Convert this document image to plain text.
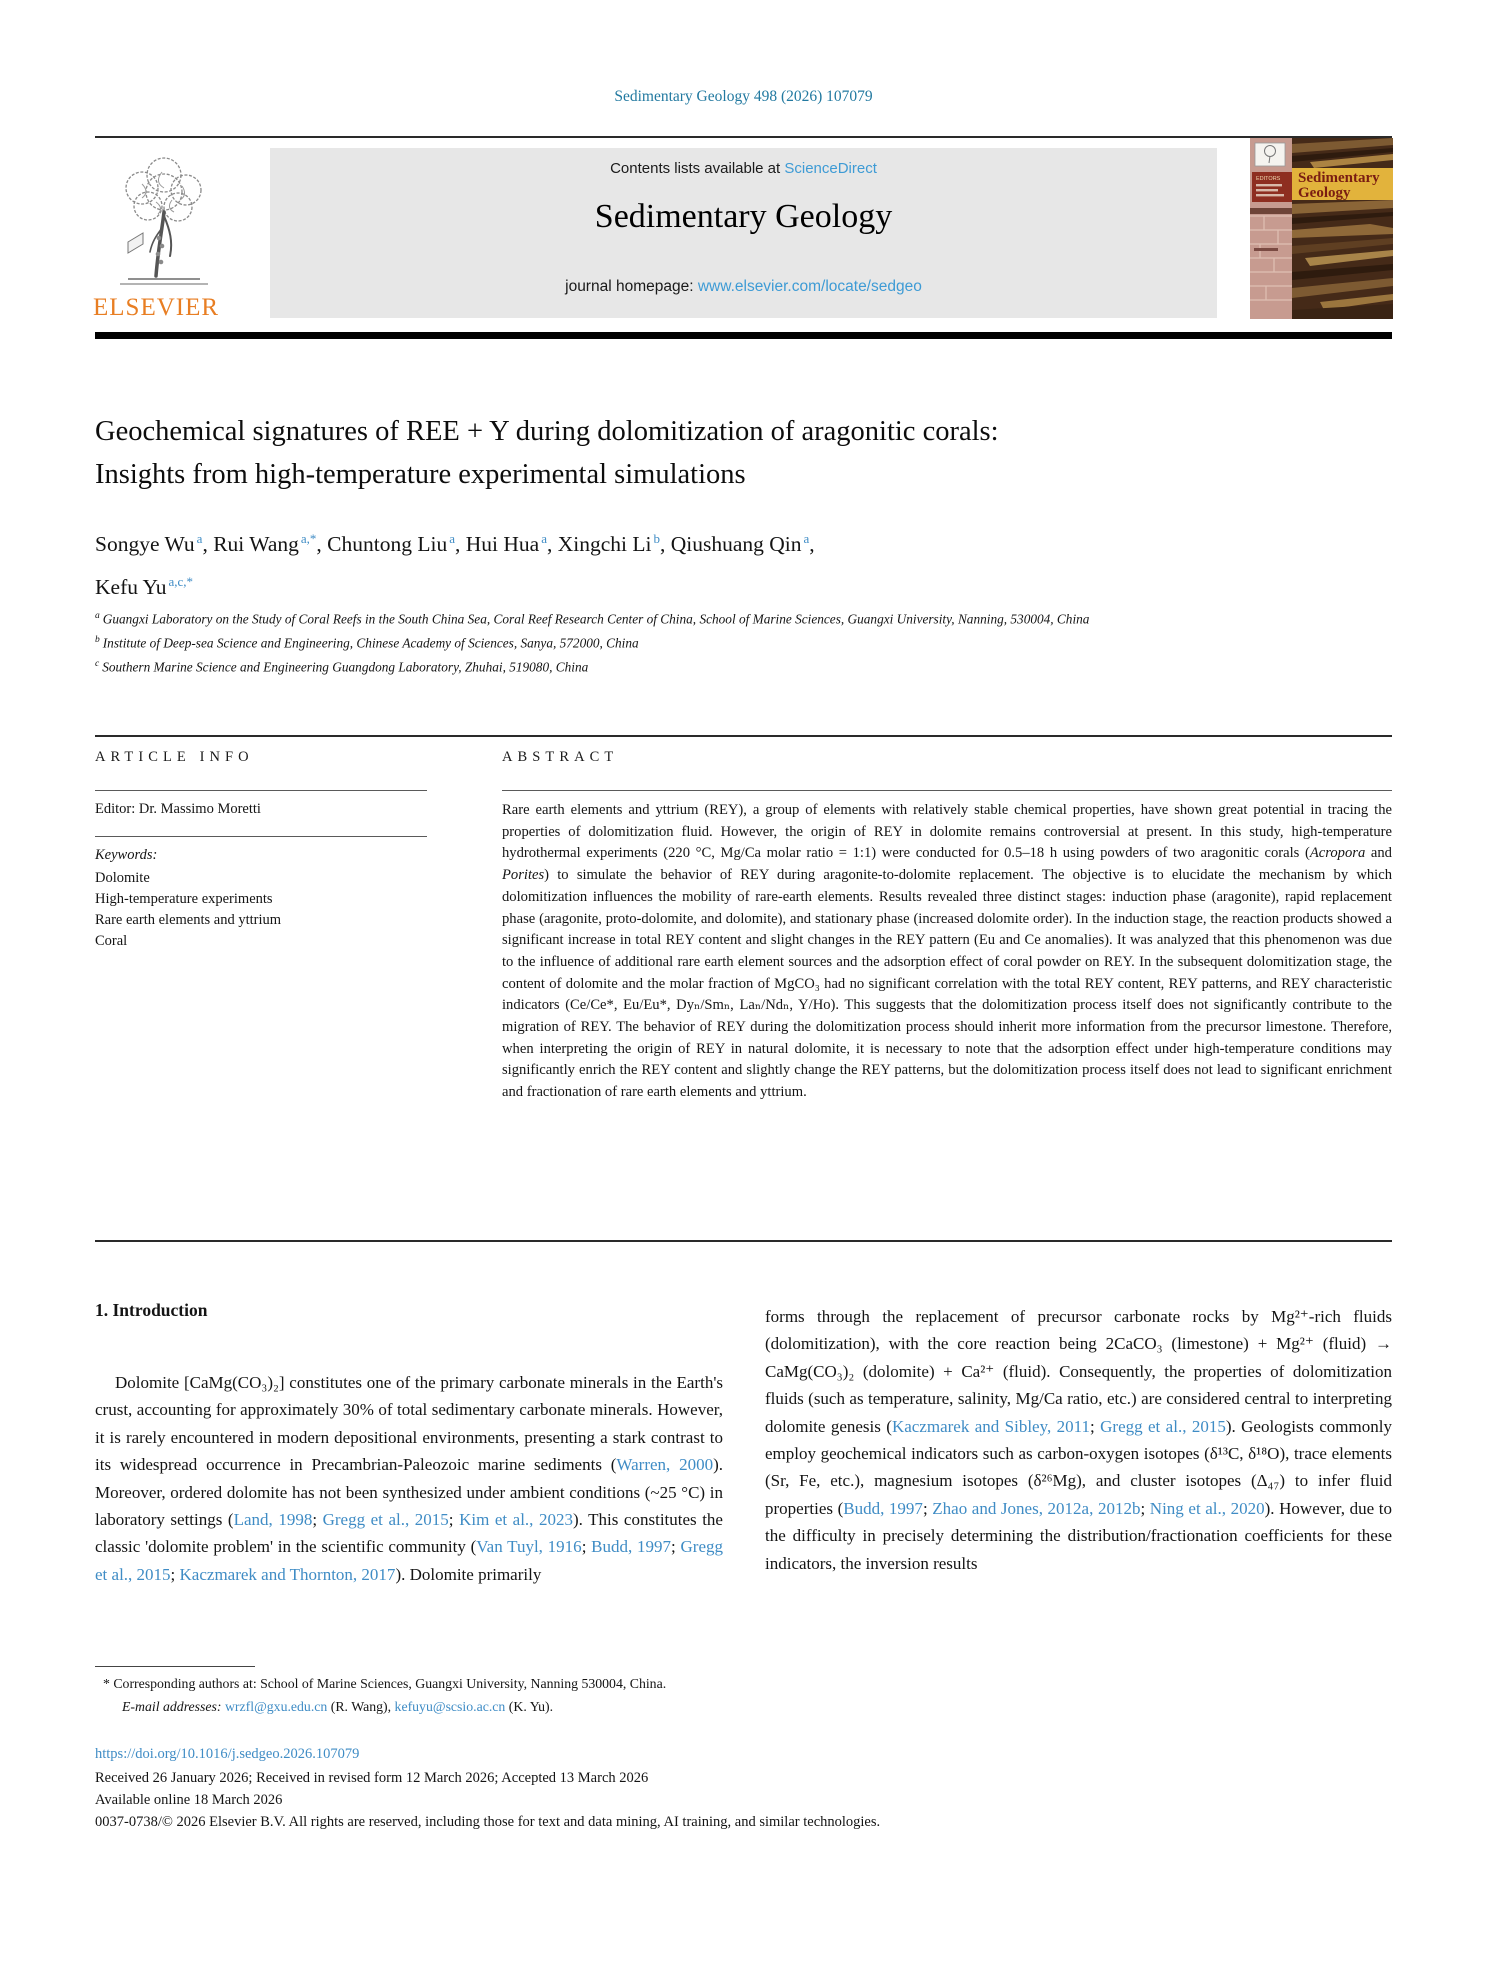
Sedimentary Geology 498 (2026) 107079
ELSEVIER
Contents lists available at ScienceDirect
Sedimentary Geology
journal homepage: www.elsevier.com/locate/sedgeo
Sedimentary
Geology
EDITORS
Geochemical signatures of REE + Y during dolomitization of aragonitic corals: Insights from high-temperature experimental simulations
Songye Wu $^a$, Rui Wang $^{a,*}$, Chuntong Liu $^a$, Hui Hua $^a$, Xingchi Li $^b$, Qiushuang Qin $^a$,
Kefu Yu $^{a,c,*}$
$^a$ Guangxi Laboratory on the Study of Coral Reefs in the South China Sea, Coral Reef Research Center of China, School of Marine Sciences, Guangxi University, Nanning, 530004, China
$^b$ Institute of Deep-sea Science and Engineering, Chinese Academy of Sciences, Sanya, 572000, China
$^c$ Southern Marine Science and Engineering Guangdong Laboratory, Zhuhai, 519080, China
ARTICLE INFO
Editor: Dr. Massimo Moretti
Keywords:
Dolomite
High-temperature experiments
Rare earth elements and yttrium
Coral
ABSTRACT
Rare earth elements and yttrium (REY), a group of elements with relatively stable chemical properties, have shown great potential in tracing the properties of dolomitization fluid. However, the origin of REY in dolomite remains controversial at present. In this study, high-temperature hydrothermal experiments (220 °C, Mg/Ca molar ratio = 1:1) were conducted for 0.5–18 h using powders of two aragonitic corals (Acropora and Porites) to simulate the behavior of REY during aragonite-to-dolomite replacement. The objective is to elucidate the mechanism by which dolomitization influences the mobility of rare-earth elements. Results revealed three distinct stages: induction phase (aragonite), rapid replacement phase (aragonite, proto-dolomite, and dolomite), and stationary phase (increased dolomite order). In the induction stage, the reaction products showed a significant increase in total REY content and slight changes in the REY pattern (Eu and Ce anomalies). It was analyzed that this phenomenon was due to the influence of additional rare earth element sources and the adsorption effect of coral powder on REY. In the subsequent dolomitization stage, the content of dolomite and the molar fraction of MgCO₃ had no significant correlation with the total REY content, REY patterns, and REY characteristic indicators (Ce/Ce*, Eu/Eu*, Dyₙ/Smₙ, Laₙ/Ndₙ, Y/Ho). This suggests that the dolomitization process itself does not significantly contribute to the migration of REY. The behavior of REY during the dolomitization process should inherit more information from the precursor limestone. Therefore, when interpreting the origin of REY in natural dolomite, it is necessary to note that the adsorption effect under high-temperature conditions may significantly enrich the REY content and slightly change the REY patterns, but the dolomitization process itself does not lead to significant enrichment and fractionation of rare earth elements and yttrium.
1. Introduction
Dolomite [CaMg(CO₃)₂] constitutes one of the primary carbonate minerals in the Earth's crust, accounting for approximately 30% of total sedimentary carbonate minerals. However, it is rarely encountered in modern depositional environments, presenting a stark contrast to its widespread occurrence in Precambrian-Paleozoic marine sediments (Warren, 2000). Moreover, ordered dolomite has not been synthesized under ambient conditions (~25 °C) in laboratory settings (Land, 1998; Gregg et al., 2015; Kim et al., 2023). This constitutes the classic 'dolomite problem' in the scientific community (Van Tuyl, 1916; Budd, 1997; Gregg et al., 2015; Kaczmarek and Thornton, 2017). Dolomite primarily
forms through the replacement of precursor carbonate rocks by Mg²⁺-rich fluids (dolomitization), with the core reaction being 2CaCO₃ (limestone) + Mg²⁺ (fluid) → CaMg(CO₃)₂ (dolomite) + Ca²⁺ (fluid). Consequently, the properties of dolomitization fluids (such as temperature, salinity, Mg/Ca ratio, etc.) are considered central to interpreting dolomite genesis (Kaczmarek and Sibley, 2011; Gregg et al., 2015). Geologists commonly employ geochemical indicators such as carbon-oxygen isotopes (δ¹³C, δ¹⁸O), trace elements (Sr, Fe, etc.), magnesium isotopes (δ²⁶Mg), and cluster isotopes (Δ₄₇) to infer fluid properties (Budd, 1997; Zhao and Jones, 2012a, 2012b; Ning et al., 2020). However, due to the difficulty in precisely determining the distribution/fractionation coefficients for these indicators, the inversion results
* Corresponding authors at: School of Marine Sciences, Guangxi University, Nanning 530004, China.
E-mail addresses: wrzfl@gxu.edu.cn (R. Wang), kefuyu@scsio.ac.cn (K. Yu).
https://doi.org/10.1016/j.sedgeo.2026.107079
Received 26 January 2026; Received in revised form 12 March 2026; Accepted 13 March 2026
Available online 18 March 2026
0037-0738/© 2026 Elsevier B.V. All rights are reserved, including those for text and data mining, AI training, and similar technologies.
